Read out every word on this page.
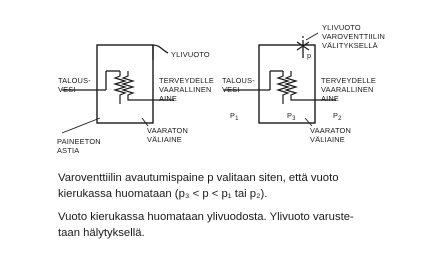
YLIVUOTO
TALOUS-
VESI
TERVEYDELLE
VAARALLINEN
AINE
PAINEETON
ASTIA
VAARATON
VÄLIAINE
YLIVUOTO
VAROVENTTIILIN
VÄLITYKSELLÄ
p
TALOUS-
VESI
TERVEYDELLE
VAARALLINEN
AINE
$P_1$	$P_3$	$P_2$
VAARATON
VÄLIAINE

Varoventtiilin avautumispaine p valitaan siten, että vuoto
kierukassa huomataan (p₃ < p < p₁ tai p₂).

Vuoto kierukassa huomataan ylivuodosta. Ylivuoto varuste-
taan hälytyksellä.
